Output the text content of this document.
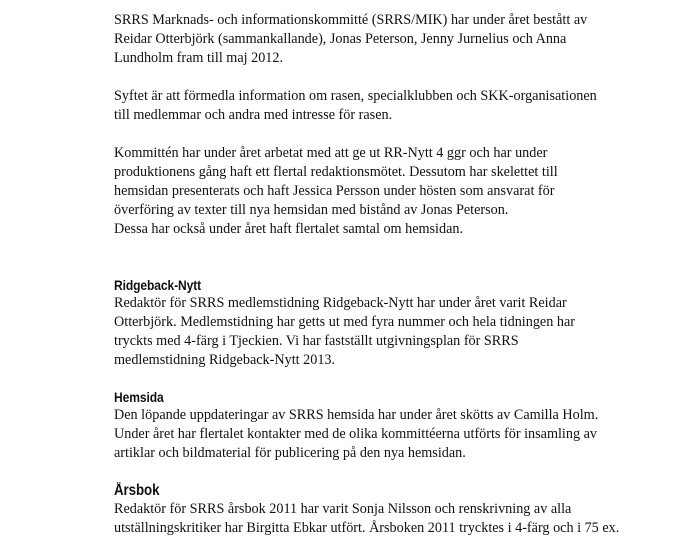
SRRS Marknads- och informationskommitté (SRRS/MIK) har under året bestått av
Reidar Otterbjörk (sammankallande), Jonas Peterson, Jenny Jurnelius och Anna
Lundholm fram till maj 2012.

Syftet är att förmedla information om rasen, specialklubben och SKK-organisationen
till medlemmar och andra med intresse för rasen.

Kommittén har under året arbetat med att ge ut RR-Nytt 4 ggr och har under
produktionens gång haft ett flertal redaktionsmötet. Dessutom har skelettet till
hemsidan presenterats och haft Jessica Persson under hösten som ansvarat för
överföring av texter till nya hemsidan med bistånd av Jonas Peterson.
Dessa har också under året haft flertalet samtal om hemsidan.

Ridgeback-Nytt

Redaktör för SRRS medlemstidning Ridgeback-Nytt har under året varit Reidar
Otterbjörk. Medlemstidning har getts ut med fyra nummer och hela tidningen har
tryckts med 4-färg i Tjeckien. Vi har fastställt utgivningsplan för SRRS
medlemstidning Ridgeback-Nytt 2013.

Hemsida

Den löpande uppdateringar av SRRS hemsida har under året skötts av Camilla Holm.
Under året har flertalet kontakter med de olika kommittéerna utförts för insamling av
artiklar och bildmaterial för publicering på den nya hemsidan.

Årsbok

Redaktör för SRRS årsbok 2011 har varit Sonja Nilsson och renskrivning av alla
utställningskritiker har Birgitta Ebkar utfört. Årsboken 2011 trycktes i 4-färg och i 75 ex.
